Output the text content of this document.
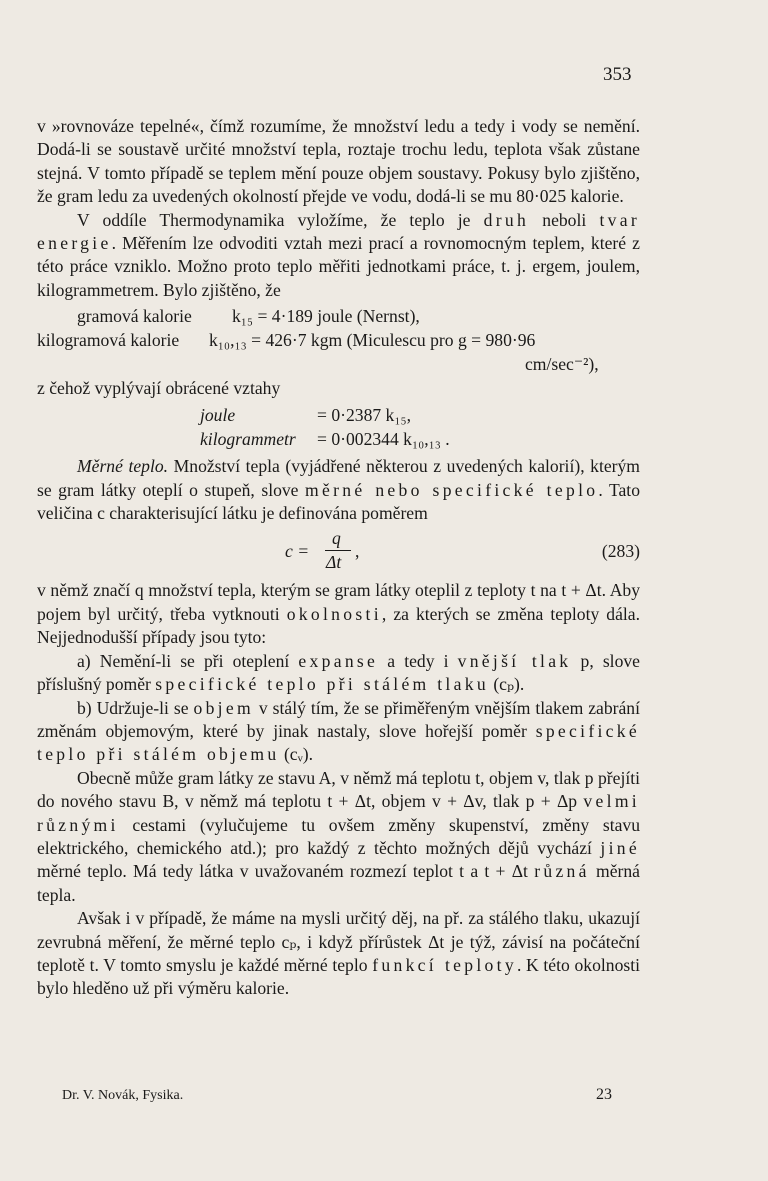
353

v »rovnováze tepelné«, čímž rozumíme, že množství ledu a tedy i vody se nemění. Dodá-li se soustavě určité množství tepla, roztaje trochu ledu, teplota však zůstane stejná. V tomto případě se teplem mění pouze objem soustavy. Pokusy bylo zjištěno, že gram ledu za uvedených okolností přejde ve vodu, dodá-li se mu 80·025 kalorie.

V oddíle Thermodynamika vyložíme, že teplo je druh neboli tvar energie. Měřením lze odvoditi vztah mezi prací a rovnomocným teplem, které z této práce vzniklo. Možno proto teplo měřiti jednotkami práce, t. j. ergem, joulem, kilogrammetrem. Bylo zjištěno, že

gramová kalorie k₁₅ = 4·189 joule (Nernst),
kilogramová kalorie k₁₀,₁₃ = 426·7 kgm (Miculescu pro g = 980·96
cm/sec⁻²),
z čehož vyplývají obrácené vztahy
joule	= 0·2387 k₁₅,
kilogrammetr = 0·002344 k₁₀,₁₃ .

Měrné teplo. Množství tepla (vyjádřené některou z uvedených kalorií), kterým se gram látky oteplí o stupeň, slove měrné nebo specifické teplo. Tato veličina c charakterisující látku je definována poměrem

c =
q
Δt
,	(283)

v němž značí q množství tepla, kterým se gram látky oteplil z teploty t na t + Δt. Aby pojem byl určitý, třeba vytknouti okolnosti, za kterých se změna teploty dála. Nejjednodušší případy jsou tyto:

a) Nemění-li se při oteplení expanse a tedy i vnější tlak p, slove příslušný poměr specifické teplo při stálém tlaku (cₚ).

b) Udržuje-li se objem v stálý tím, že se přiměřeným vnějším tlakem zabrání změnám objemovým, které by jinak nastaly, slove hořejší poměr specifické teplo při stálém objemu (cᵥ).

Obecně může gram látky ze stavu A, v němž má teplotu t, objem v, tlak p přejíti do nového stavu B, v němž má teplotu t + Δt, objem v + Δv, tlak p + Δp velmi různými cestami (vylučujeme tu ovšem změny skupenství, změny stavu elektrického, chemického atd.); pro každý z těchto možných dějů vychází jiné měrné teplo. Má tedy látka v uvažovaném rozmezí teplot t a t + Δt různá měrná tepla.

Avšak i v případě, že máme na mysli určitý děj, na př. za stálého tlaku, ukazují zevrubná měření, že měrné teplo cₚ, i když přírůstek Δt je týž, závisí na počáteční teplotě t. V tomto smyslu je každé měrné teplo funkcí teploty. K této okolnosti bylo hleděno už při výměru kalorie.

Dr. V. Novák, Fysika.	23
